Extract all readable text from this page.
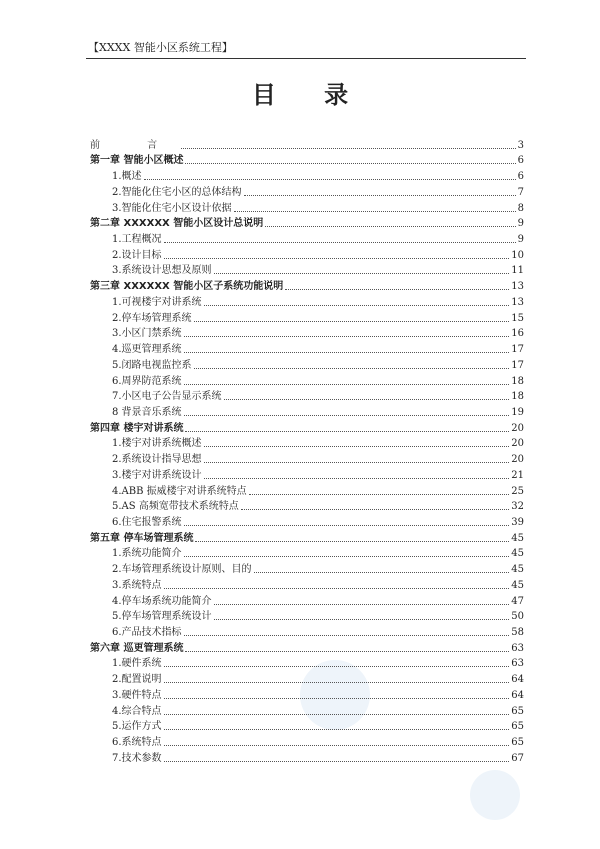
【XXXX 智能小区系统工程】
目 录
前 言	3
第一章 智能小区概述	6
1.概述	6
2.智能化住宅小区的总体结构	7
3.智能化住宅小区设计依据	8
第二章 XXXXXX 智能小区设计总说明	9
1.工程概况	9
2.设计目标	10
3.系统设计思想及原则	11
第三章 XXXXXX 智能小区子系统功能说明	13
1.可视楼宇对讲系统	13
2.停车场管理系统	15
3.小区门禁系统	16
4.巡更管理系统	17
5.闭路电视监控系	17
6.周界防范系统	18
7.小区电子公告显示系统	18
8 背景音乐系统	19
第四章 楼宇对讲系统	20
1.楼宇对讲系统概述	20
2.系统设计指导思想	20
3.楼宇对讲系统设计	21
4.ABB 振威楼宇对讲系统特点	25
5.AS 高频宽带技术系统特点	32
6.住宅报警系统	39
第五章 停车场管理系统	45
1.系统功能简介	45
2.车场管理系统设计原则、目的	45
3.系统特点	45
4.停车场系统功能简介	47
5.停车场管理系统设计	50
6.产品技术指标	58
第六章 巡更管理系统	63
1.硬件系统	63
2.配置说明	64
3.硬件特点	64
4.综合特点	65
5.运作方式	65
6.系统特点	65
7.技术参数	67
